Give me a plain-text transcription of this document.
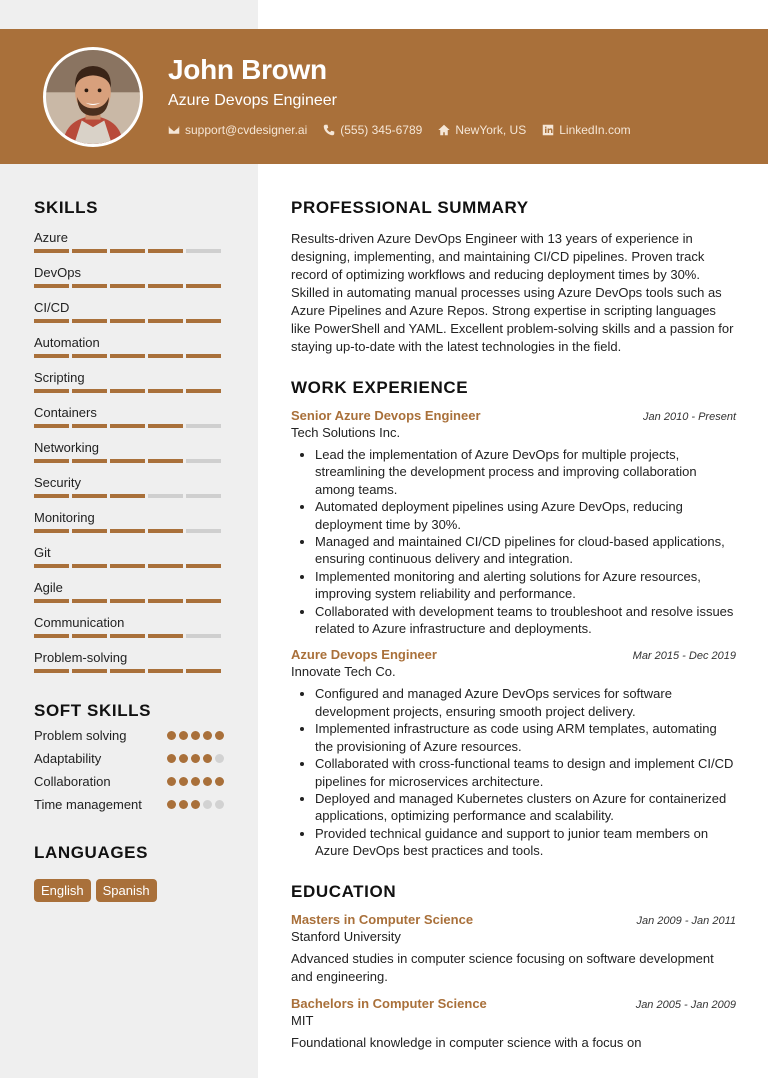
John Brown
Azure Devops Engineer
support@cvdesigner.ai	(555) 345-6789	NewYork, US	LinkedIn.com
SKILLS
Azure
DevOps
CI/CD
Automation
Scripting
Containers
Networking
Security
Monitoring
Git
Agile
Communication
Problem-solving
SOFT SKILLS
Problem solving
Adaptability
Collaboration
Time management
LANGUAGES
English	Spanish
PROFESSIONAL SUMMARY
Results-driven Azure DevOps Engineer with 13 years of experience in designing, implementing, and maintaining CI/CD pipelines. Proven track record of optimizing workflows and reducing deployment times by 30%. Skilled in automating manual processes using Azure DevOps tools such as Azure Pipelines and Azure Repos. Strong expertise in scripting languages like PowerShell and YAML. Excellent problem-solving skills and a passion for staying up-to-date with the latest technologies in the field.
WORK EXPERIENCE
Senior Azure Devops Engineer	Jan 2010 - Present
Tech Solutions Inc.
• Lead the implementation of Azure DevOps for multiple projects, streamlining the development process and improving collaboration among teams.
• Automated deployment pipelines using Azure DevOps, reducing deployment time by 30%.
• Managed and maintained CI/CD pipelines for cloud-based applications, ensuring continuous delivery and integration.
• Implemented monitoring and alerting solutions for Azure resources, improving system reliability and performance.
• Collaborated with development teams to troubleshoot and resolve issues related to Azure infrastructure and deployments.
Azure Devops Engineer	Mar 2015 - Dec 2019
Innovate Tech Co.
• Configured and managed Azure DevOps services for software development projects, ensuring smooth project delivery.
• Implemented infrastructure as code using ARM templates, automating the provisioning of Azure resources.
• Collaborated with cross-functional teams to design and implement CI/CD pipelines for microservices architecture.
• Deployed and managed Kubernetes clusters on Azure for containerized applications, optimizing performance and scalability.
• Provided technical guidance and support to junior team members on Azure DevOps best practices and tools.
EDUCATION
Masters in Computer Science	Jan 2009 - Jan 2011
Stanford University
Advanced studies in computer science focusing on software development and engineering.
Bachelors in Computer Science	Jan 2005 - Jan 2009
MIT
Foundational knowledge in computer science with a focus on
